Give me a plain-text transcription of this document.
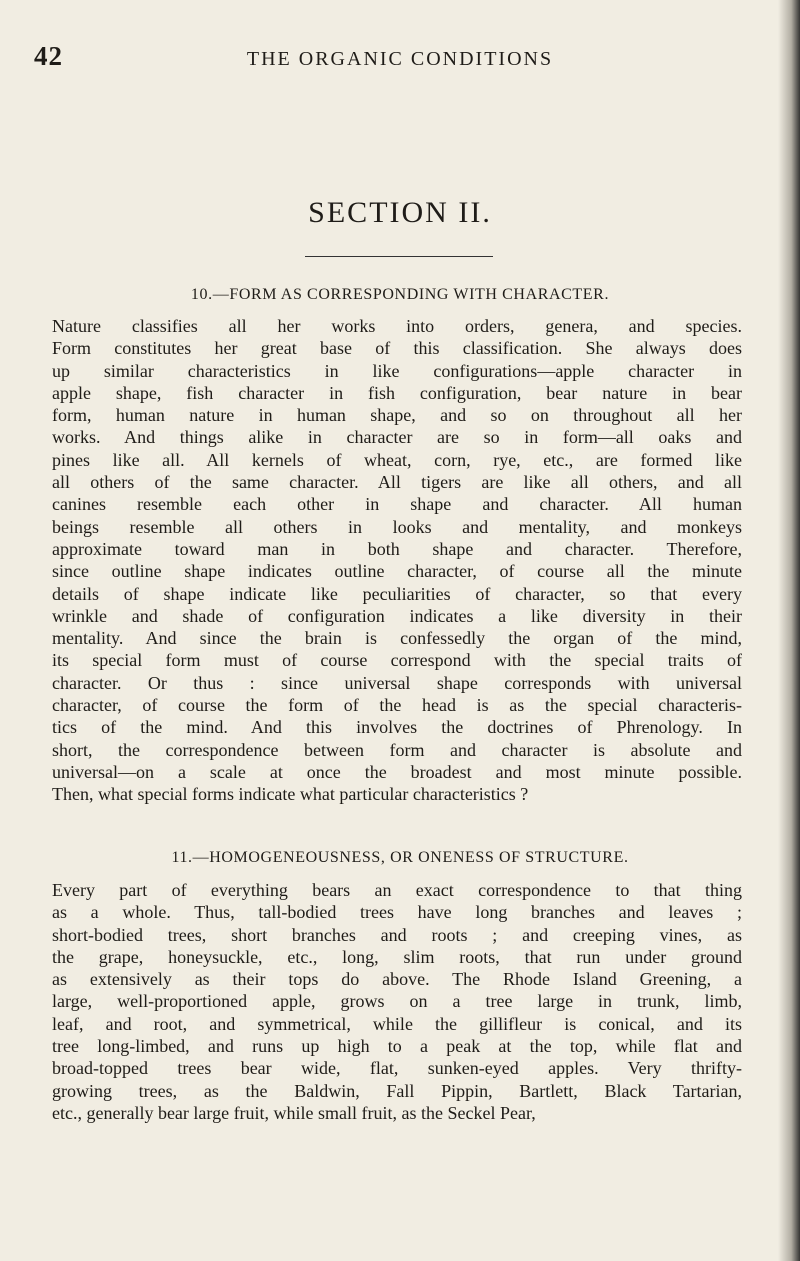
42	THE ORGANIC CONDITIONS
SECTION II.
10.—FORM AS CORRESPONDING WITH CHARACTER.
Nature classifies all her works into orders, genera, and species.
Form constitutes her great base of this classification. She always does
up similar characteristics in like configurations—apple character in
apple shape, fish character in fish configuration, bear nature in bear
form, human nature in human shape, and so on throughout all her
works. And things alike in character are so in form—all oaks and
pines like all. All kernels of wheat, corn, rye, etc., are formed like
all others of the same character. All tigers are like all others, and all
canines resemble each other in shape and character. All human
beings resemble all others in looks and mentality, and monkeys
approximate toward man in both shape and character. Therefore,
since outline shape indicates outline character, of course all the minute
details of shape indicate like peculiarities of character, so that every
wrinkle and shade of configuration indicates a like diversity in their
mentality. And since the brain is confessedly the organ of the mind,
its special form must of course correspond with the special traits of
character. Or thus : since universal shape corresponds with universal
character, of course the form of the head is as the special characteris-
tics of the mind. And this involves the doctrines of Phrenology. In
short, the correspondence between form and character is absolute and
universal—on a scale at once the broadest and most minute possible.
Then, what special forms indicate what particular characteristics ?
11.—HOMOGENEOUSNESS, OR ONENESS OF STRUCTURE.
Every part of everything bears an exact correspondence to that thing
as a whole. Thus, tall-bodied trees have long branches and leaves ;
short-bodied trees, short branches and roots ; and creeping vines, as
the grape, honeysuckle, etc., long, slim roots, that run under ground
as extensively as their tops do above. The Rhode Island Greening, a
large, well-proportioned apple, grows on a tree large in trunk, limb,
leaf, and root, and symmetrical, while the gillifleur is conical, and its
tree long-limbed, and runs up high to a peak at the top, while flat and
broad-topped trees bear wide, flat, sunken-eyed apples. Very thrifty-
growing trees, as the Baldwin, Fall Pippin, Bartlett, Black Tartarian,
etc., generally bear large fruit, while small fruit, as the Seckel Pear,
